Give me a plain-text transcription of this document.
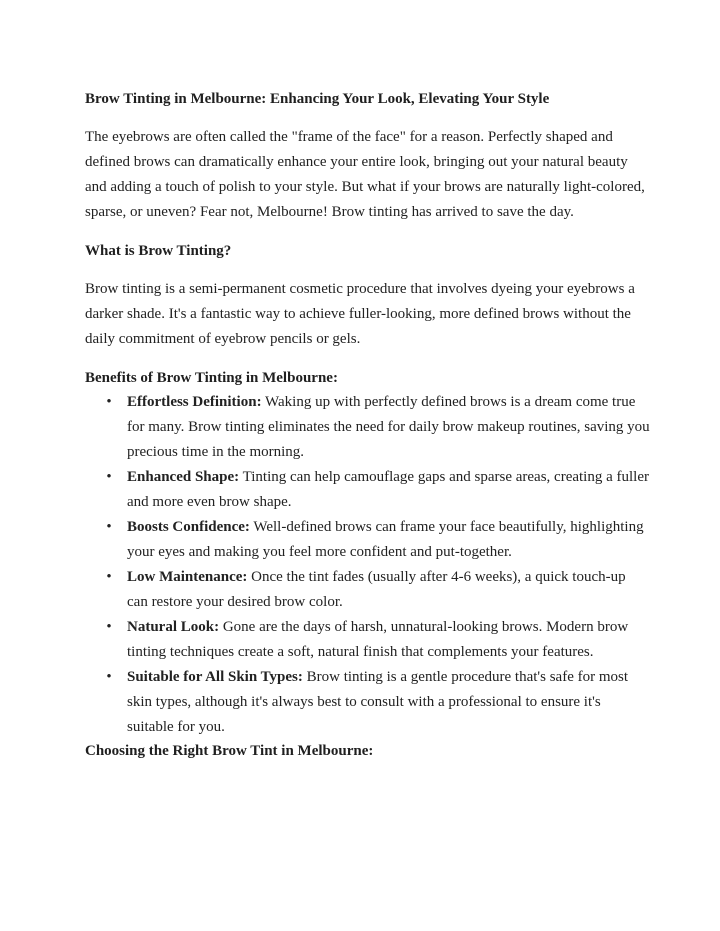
Brow Tinting in Melbourne: Enhancing Your Look, Elevating Your Style

The eyebrows are often called the "frame of the face" for a reason. Perfectly shaped and defined brows can dramatically enhance your entire look, bringing out your natural beauty and adding a touch of polish to your style. But what if your brows are naturally light-colored, sparse, or uneven? Fear not, Melbourne! Brow tinting has arrived to save the day.

What is Brow Tinting?

Brow tinting is a semi-permanent cosmetic procedure that involves dyeing your eyebrows a darker shade. It's a fantastic way to achieve fuller-looking, more defined brows without the daily commitment of eyebrow pencils or gels.

Benefits of Brow Tinting in Melbourne:

• Effortless Definition: Waking up with perfectly defined brows is a dream come true for many. Brow tinting eliminates the need for daily brow makeup routines, saving you precious time in the morning.
• Enhanced Shape: Tinting can help camouflage gaps and sparse areas, creating a fuller and more even brow shape.
• Boosts Confidence: Well-defined brows can frame your face beautifully, highlighting your eyes and making you feel more confident and put-together.
• Low Maintenance: Once the tint fades (usually after 4-6 weeks), a quick touch-up can restore your desired brow color.
• Natural Look: Gone are the days of harsh, unnatural-looking brows. Modern brow tinting techniques create a soft, natural finish that complements your features.
• Suitable for All Skin Types: Brow tinting is a gentle procedure that's safe for most skin types, although it's always best to consult with a professional to ensure it's suitable for you.

Choosing the Right Brow Tint in Melbourne:
